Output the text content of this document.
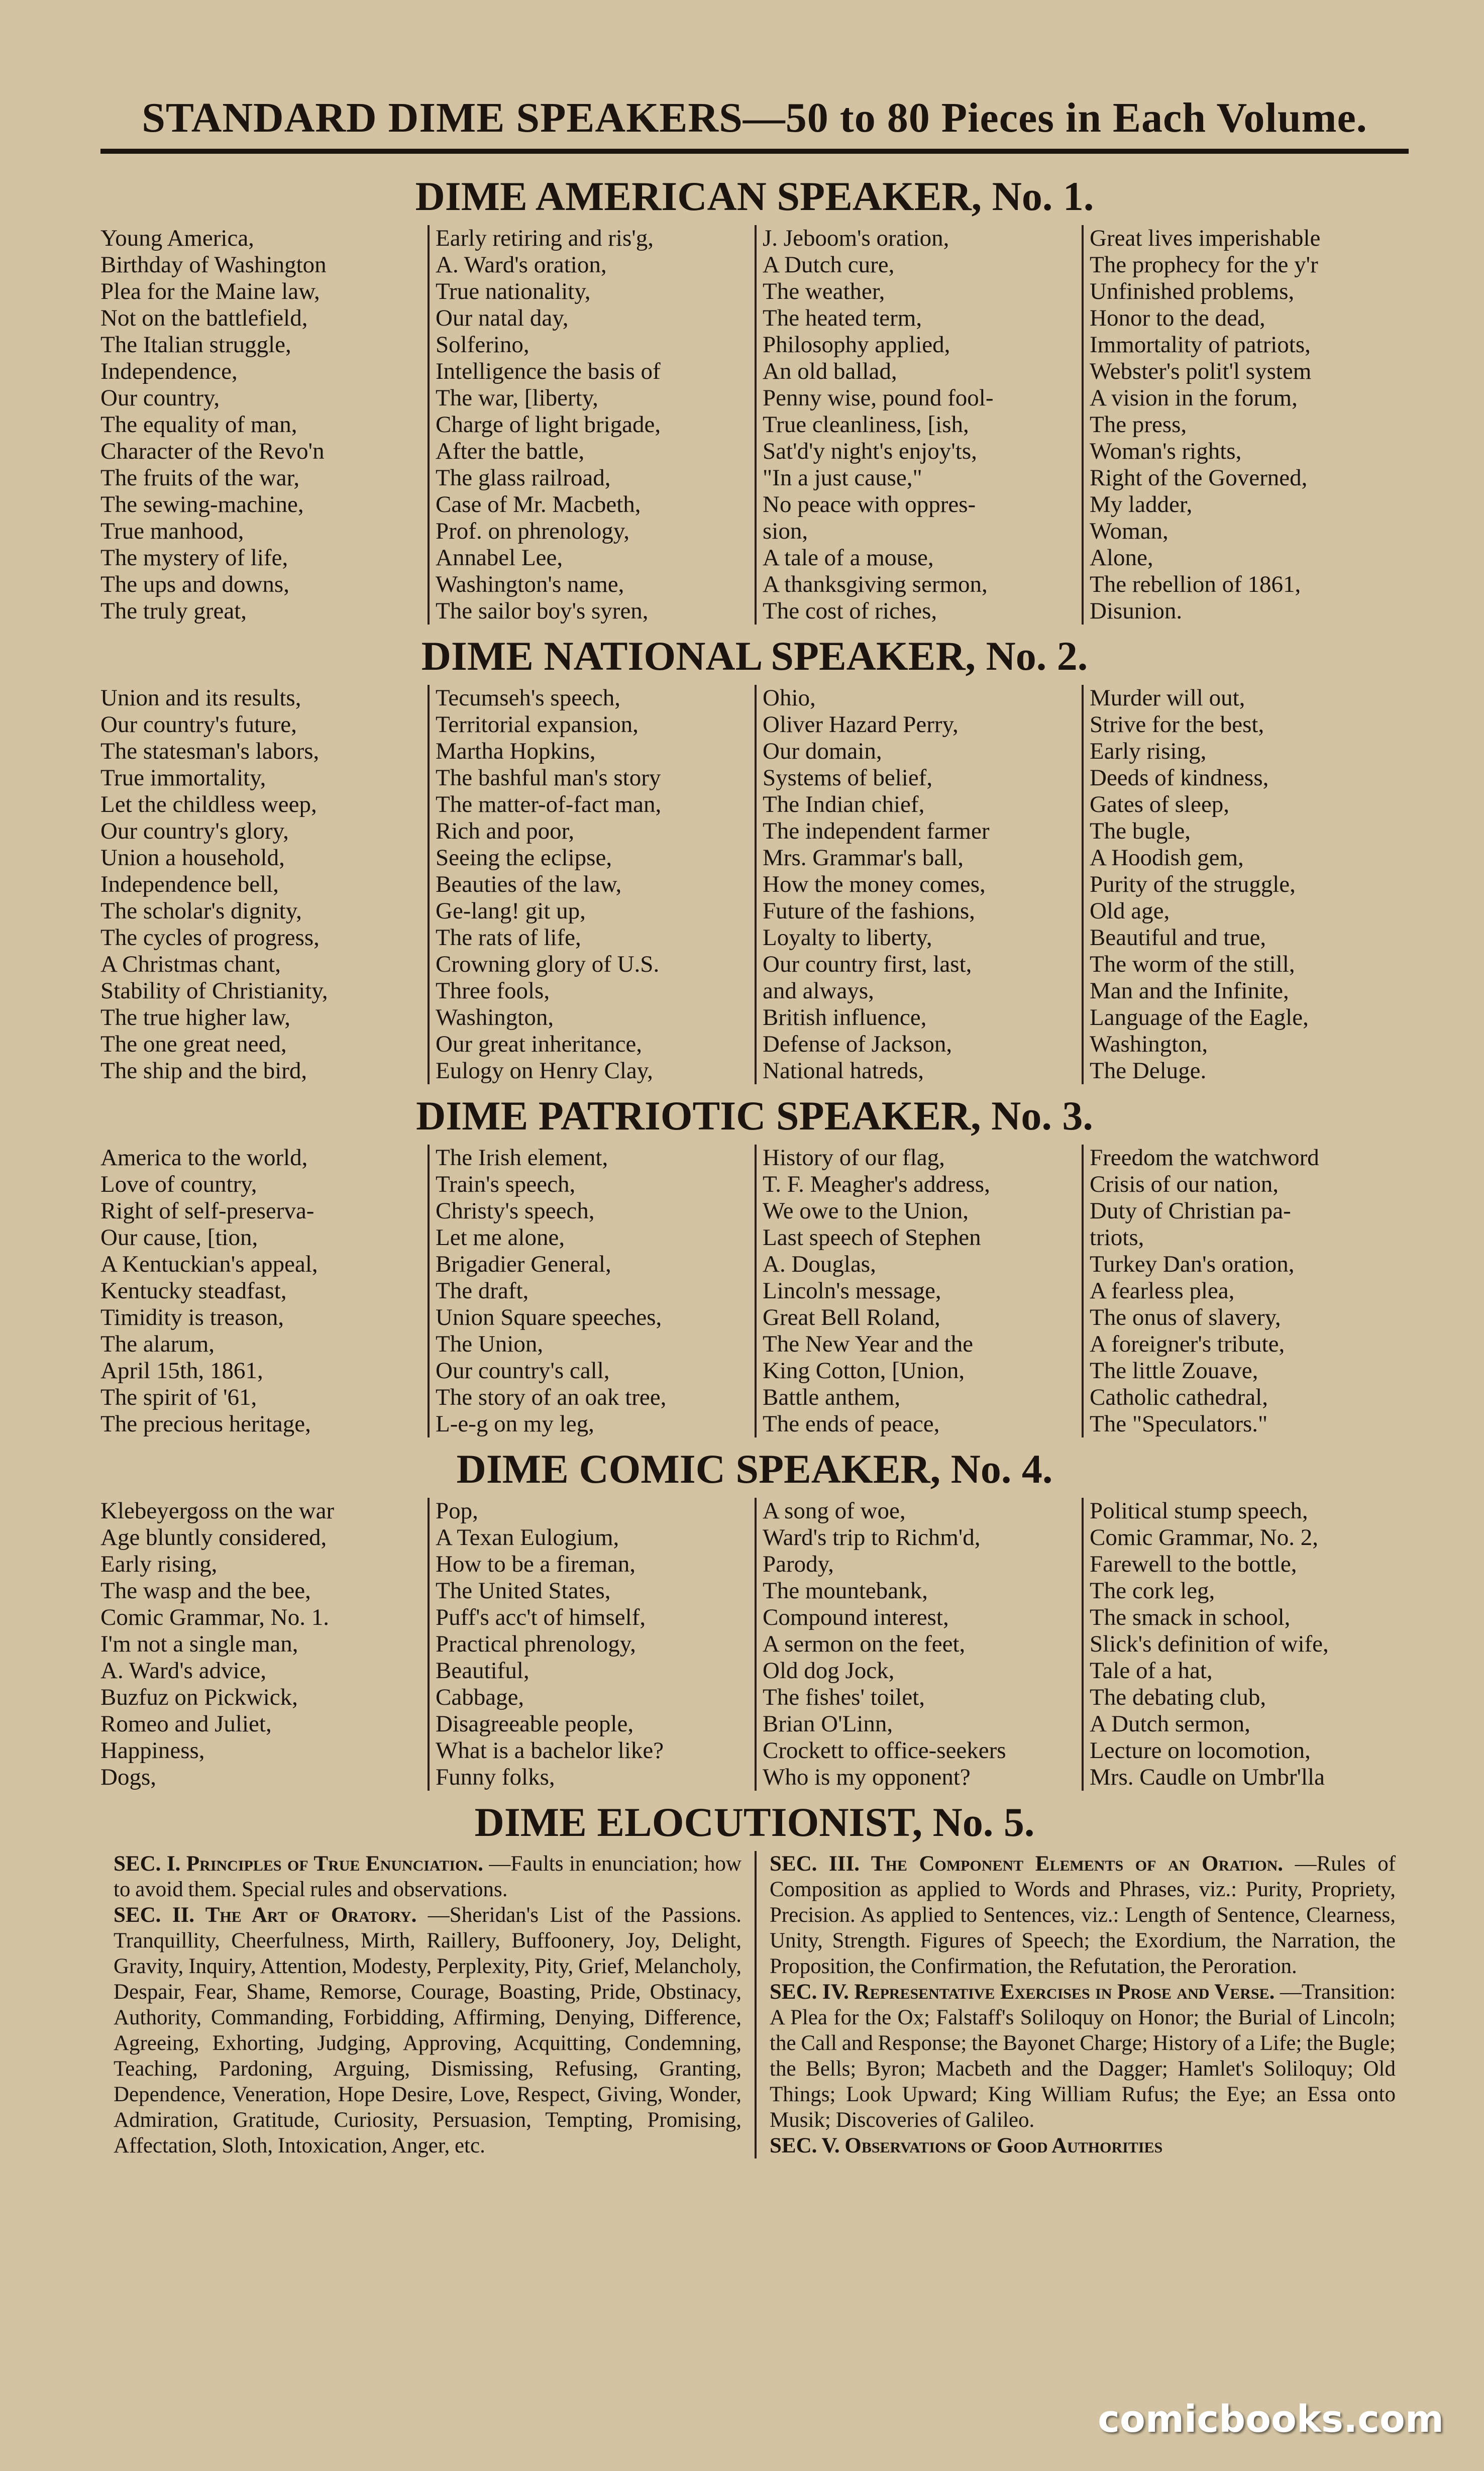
STANDARD DIME SPEAKERS—50 to 80 Pieces in Each Volume.
DIME AMERICAN SPEAKER, No. 1.
Young America,
Birthday of Washington
Plea for the Maine law,
Not on the battlefield,
The Italian struggle,
Independence,
Our country,
The equality of man,
Character of the Revo'n
The fruits of the war,
The sewing-machine,
True manhood,
The mystery of life,
The ups and downs,
The truly great,
Early retiring and ris'g,
A. Ward's oration,
True nationality,
Our natal day,
Solferino,
Intelligence the basis of
The war, [liberty,
Charge of light brigade,
After the battle,
The glass railroad,
Case of Mr. Macbeth,
Prof. on phrenology,
Annabel Lee,
Washington's name,
The sailor boy's syren,
J. Jeboom's oration,
A Dutch cure,
The weather,
The heated term,
Philosophy applied,
An old ballad,
Penny wise, pound fool-
True cleanliness, [ish,
Sat'd'y night's enjoy'ts,
"In a just cause,"
No peace with oppres-
sion,
A tale of a mouse,
A thanksgiving sermon,
The cost of riches,
Great lives imperishable
The prophecy for the y'r
Unfinished problems,
Honor to the dead,
Immortality of patriots,
Webster's polit'l system
A vision in the forum,
The press,
Woman's rights,
Right of the Governed,
My ladder,
Woman,
Alone,
The rebellion of 1861,
Disunion.
DIME NATIONAL SPEAKER, No. 2.
Union and its results,
Our country's future,
The statesman's labors,
True immortality,
Let the childless weep,
Our country's glory,
Union a household,
Independence bell,
The scholar's dignity,
The cycles of progress,
A Christmas chant,
Stability of Christianity,
The true higher law,
The one great need,
The ship and the bird,
Tecumseh's speech,
Territorial expansion,
Martha Hopkins,
The bashful man's story
The matter-of-fact man,
Rich and poor,
Seeing the eclipse,
Beauties of the law,
Ge-lang! git up,
The rats of life,
Crowning glory of U.S.
Three fools,
Washington,
Our great inheritance,
Eulogy on Henry Clay,
Ohio,
Oliver Hazard Perry,
Our domain,
Systems of belief,
The Indian chief,
The independent farmer
Mrs. Grammar's ball,
How the money comes,
Future of the fashions,
Loyalty to liberty,
Our country first, last,
and always,
British influence,
Defense of Jackson,
National hatreds,
Murder will out,
Strive for the best,
Early rising,
Deeds of kindness,
Gates of sleep,
The bugle,
A Hoodish gem,
Purity of the struggle,
Old age,
Beautiful and true,
The worm of the still,
Man and the Infinite,
Language of the Eagle,
Washington,
The Deluge.
DIME PATRIOTIC SPEAKER, No. 3.
America to the world,
Love of country,
Right of self-preserva-
Our cause, [tion,
A Kentuckian's appeal,
Kentucky steadfast,
Timidity is treason,
The alarum,
April 15th, 1861,
The spirit of '61,
The precious heritage,
The Irish element,
Train's speech,
Christy's speech,
Let me alone,
Brigadier General,
The draft,
Union Square speeches,
The Union,
Our country's call,
The story of an oak tree,
L-e-g on my leg,
History of our flag,
T. F. Meagher's address,
We owe to the Union,
Last speech of Stephen
A. Douglas,
Lincoln's message,
Great Bell Roland,
The New Year and the
King Cotton, [Union,
Battle anthem,
The ends of peace,
Freedom the watchword
Crisis of our nation,
Duty of Christian pa-
triots,
Turkey Dan's oration,
A fearless plea,
The onus of slavery,
A foreigner's tribute,
The little Zouave,
Catholic cathedral,
The "Speculators."
DIME COMIC SPEAKER, No. 4.
Klebeyergoss on the war
Age bluntly considered,
Early rising,
The wasp and the bee,
Comic Grammar, No. 1.
I'm not a single man,
A. Ward's advice,
Buzfuz on Pickwick,
Romeo and Juliet,
Happiness,
Dogs,
Pop,
A Texan Eulogium,
How to be a fireman,
The United States,
Puff's acc't of himself,
Practical phrenology,
Beautiful,
Cabbage,
Disagreeable people,
What is a bachelor like?
Funny folks,
A song of woe,
Ward's trip to Richm'd,
Parody,
The mountebank,
Compound interest,
A sermon on the feet,
Old dog Jock,
The fishes' toilet,
Brian O'Linn,
Crockett to office-seekers
Who is my opponent?
Political stump speech,
Comic Grammar, No. 2,
Farewell to the bottle,
The cork leg,
The smack in school,
Slick's definition of wife,
Tale of a hat,
The debating club,
A Dutch sermon,
Lecture on locomotion,
Mrs. Caudle on Umbr'lla
DIME ELOCUTIONIST, No. 5.

SEC. I. Principles of True Enunciation. —Faults in enunciation; how to avoid them. Special rules and observations.

SEC. II. The Art of Oratory. —Sheridan's List of the Passions. Tranquillity, Cheerfulness, Mirth, Raillery, Buffoonery, Joy, Delight, Gravity, Inquiry, Attention, Modesty, Perplexity, Pity, Grief, Melancholy, Despair, Fear, Shame, Remorse, Courage, Boasting, Pride, Obstinacy, Authority, Commanding, Forbidding, Affirming, Denying, Difference, Agreeing, Exhorting, Judging, Approving, Acquitting, Condemning, Teaching, Pardoning, Arguing, Dismissing, Refusing, Granting, Dependence, Veneration, Hope Desire, Love, Respect, Giving, Wonder, Admiration, Gratitude, Curiosity, Persuasion, Tempting, Promising, Affectation, Sloth, Intoxication, Anger, etc.

SEC. III. The Component Elements of an Oration. —Rules of Composition as applied to Words and Phrases, viz.: Purity, Propriety, Precision. As applied to Sentences, viz.: Length of Sentence, Clearness, Unity, Strength. Figures of Speech; the Exordium, the Narration, the Proposition, the Confirmation, the Refutation, the Peroration.

SEC. IV. Representative Exercises in Prose and Verse. —Transition: A Plea for the Ox; Falstaff's Soliloquy on Honor; the Burial of Lincoln; the Call and Response; the Bayonet Charge; History of a Life; the Bugle; the Bells; Byron; Macbeth and the Dagger; Hamlet's Soliloquy; Old Things; Look Upward; King William Rufus; the Eye; an Essa onto Musik; Discoveries of Galileo.

SEC. V. Observations of Good Authorities

comicbooks.com
